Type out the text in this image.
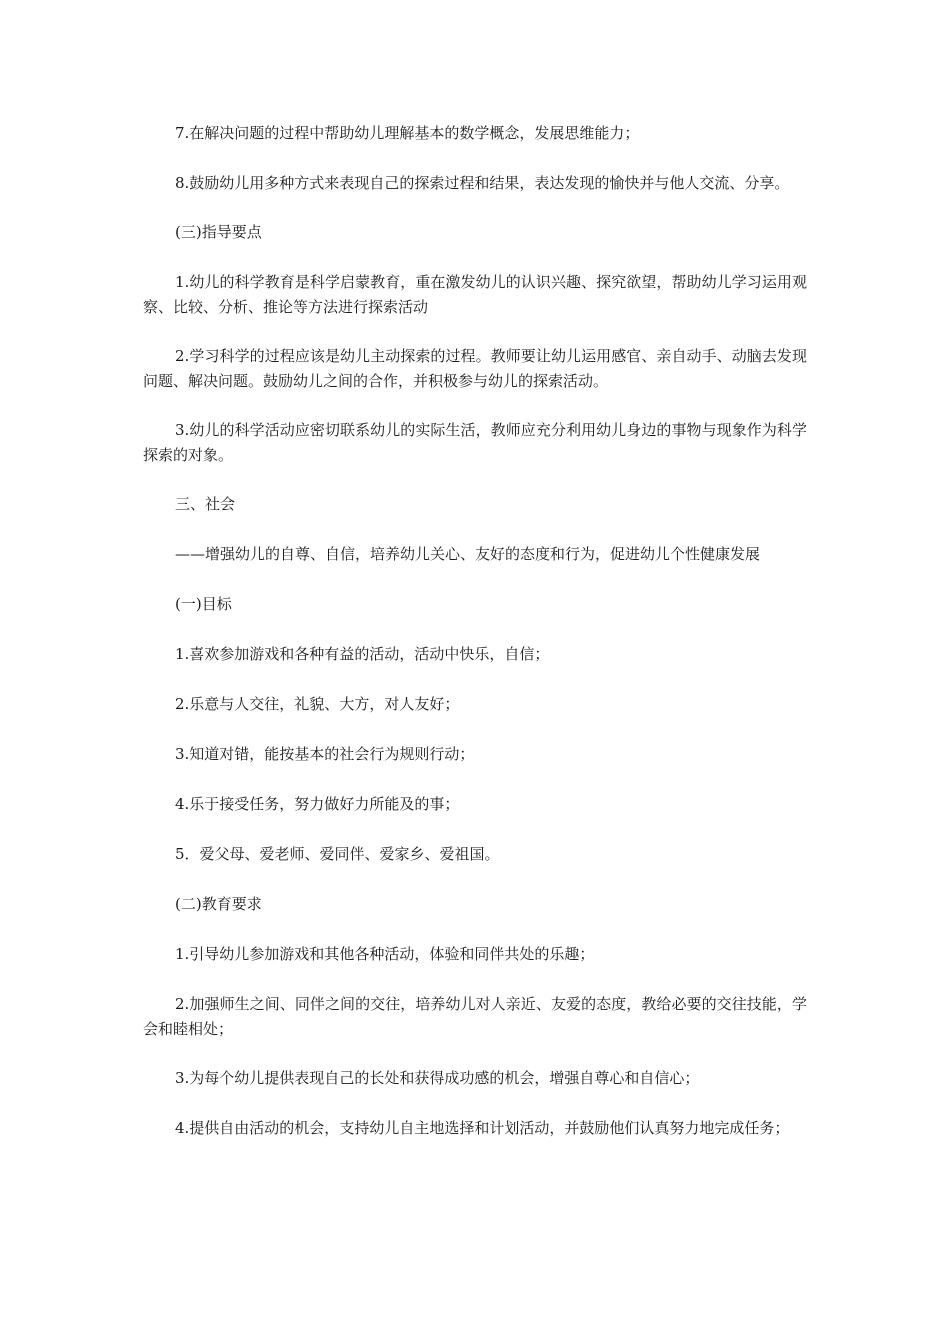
7.在解决问题的过程中帮助幼儿理解基本的数学概念，发展思维能力；

8.鼓励幼儿用多种方式来表现自己的探索过程和结果，表达发现的愉快并与他人交流、分享。

(三)指导要点

1.幼儿的科学教育是科学启蒙教育，重在激发幼儿的认识兴趣、探究欲望，帮助幼儿学习运用观察、比较、分析、推论等方法进行探索活动

2.学习科学的过程应该是幼儿主动探索的过程。教师要让幼儿运用感官、亲自动手、动脑去发现问题、解决问题。鼓励幼儿之间的合作，并积极参与幼儿的探索活动。

3.幼儿的科学活动应密切联系幼儿的实际生活，教师应充分利用幼儿身边的事物与现象作为科学探索的对象。

三、社会

——增强幼儿的自尊、自信，培养幼儿关心、友好的态度和行为，促进幼儿个性健康发展

(一)目标

1.喜欢参加游戏和各种有益的活动，活动中快乐，自信；

2.乐意与人交往，礼貌、大方，对人友好；

3.知道对错，能按基本的社会行为规则行动；

4.乐于接受任务，努力做好力所能及的事；

5．爱父母、爱老师、爱同伴、爱家乡、爱祖国。

(二)教育要求

1.引导幼儿参加游戏和其他各种活动，体验和同伴共处的乐趣；

2.加强师生之间、同伴之间的交往，培养幼儿对人亲近、友爱的态度，教给必要的交往技能，学会和睦相处；

3.为每个幼儿提供表现自己的长处和获得成功感的机会，增强自尊心和自信心；

4.提供自由活动的机会，支持幼儿自主地选择和计划活动，并鼓励他们认真努力地完成任务；
